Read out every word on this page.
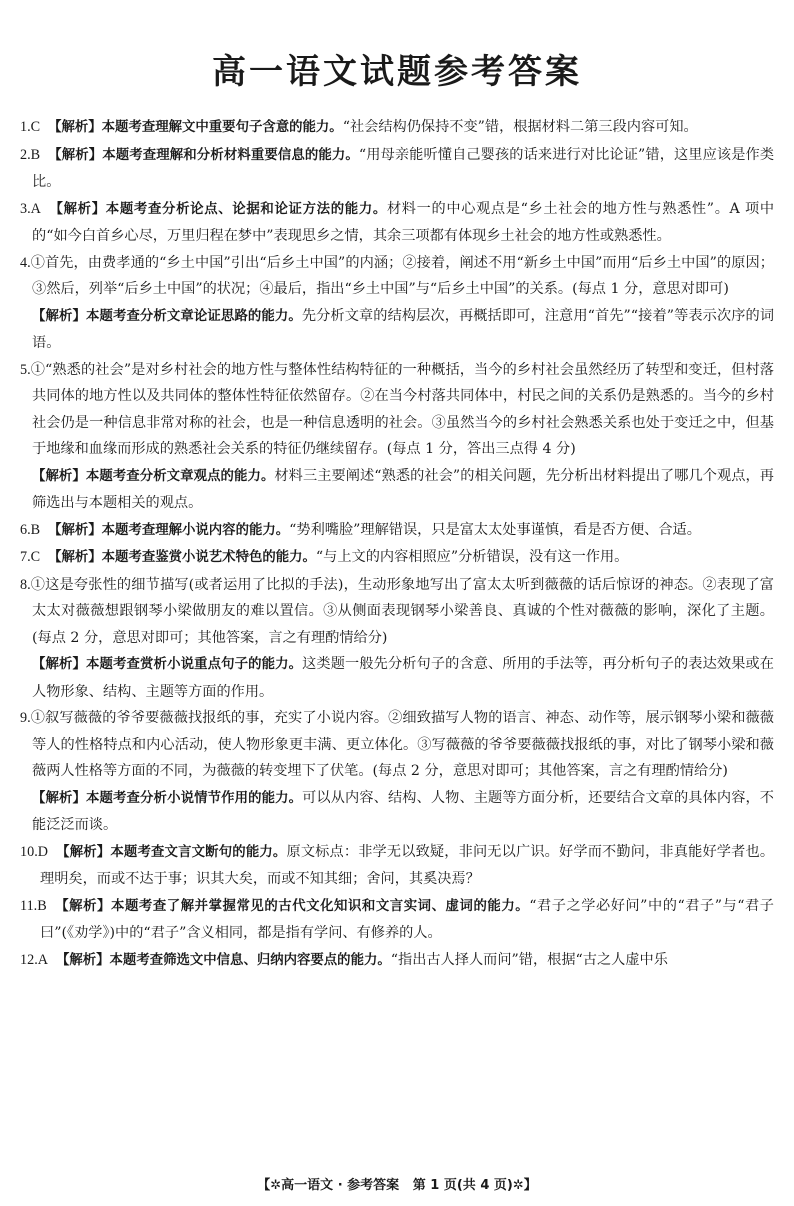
高一语文试题参考答案

1.C 【解析】本题考查理解文中重要句子含意的能力。“社会结构仍保持不变”错，根据材料二第三段内容可知。

2.B 【解析】本题考查理解和分析材料重要信息的能力。“用母亲能听懂自己婴孩的话来进行对比论证”错，这里应该是作类比。

3.A 【解析】本题考查分析论点、论据和论证方法的能力。材料一的中心观点是“乡土社会的地方性与熟悉性”。A 项中的“如今白首乡心尽，万里归程在梦中”表现思乡之情，其余三项都有体现乡土社会的地方性或熟悉性。

4.①首先，由费孝通的“乡土中国”引出“后乡土中国”的内涵；②接着，阐述不用“新乡土中国”而用“后乡土中国”的原因；③然后，列举“后乡土中国”的状况；④最后，指出“乡土中国”与“后乡土中国”的关系。(每点 1 分，意思对即可)

【解析】本题考查分析文章论证思路的能力。先分析文章的结构层次，再概括即可，注意用“首先”“接着”等表示次序的词语。

5.①“熟悉的社会”是对乡村社会的地方性与整体性结构特征的一种概括，当今的乡村社会虽然经历了转型和变迁，但村落共同体的地方性以及共同体的整体性特征依然留存。②在当今村落共同体中，村民之间的关系仍是熟悉的。当今的乡村社会仍是一种信息非常对称的社会，也是一种信息透明的社会。③虽然当今的乡村社会熟悉关系也处于变迁之中，但基于地缘和血缘而形成的熟悉社会关系的特征仍继续留存。(每点 1 分，答出三点得 4 分)

【解析】本题考查分析文章观点的能力。材料三主要阐述“熟悉的社会”的相关问题，先分析出材料提出了哪几个观点，再筛选出与本题相关的观点。

6.B 【解析】本题考查理解小说内容的能力。“势利嘴脸”理解错误，只是富太太处事谨慎，看是否方便、合适。

7.C 【解析】本题考查鉴赏小说艺术特色的能力。“与上文的内容相照应”分析错误，没有这一作用。

8.①这是夸张性的细节描写(或者运用了比拟的手法)，生动形象地写出了富太太听到薇薇的话后惊讶的神态。②表现了富太太对薇薇想跟钢琴小梁做朋友的难以置信。③从侧面表现钢琴小梁善良、真诚的个性对薇薇的影响，深化了主题。(每点 2 分，意思对即可；其他答案，言之有理酌情给分)

【解析】本题考查赏析小说重点句子的能力。这类题一般先分析句子的含意、所用的手法等，再分析句子的表达效果或在人物形象、结构、主题等方面的作用。

9.①叙写薇薇的爷爷要薇薇找报纸的事，充实了小说内容。②细致描写人物的语言、神态、动作等，展示钢琴小梁和薇薇等人的性格特点和内心活动，使人物形象更丰满、更立体化。③写薇薇的爷爷要薇薇找报纸的事，对比了钢琴小梁和薇薇两人性格等方面的不同，为薇薇的转变埋下了伏笔。(每点 2 分，意思对即可；其他答案，言之有理酌情给分)

【解析】本题考查分析小说情节作用的能力。可以从内容、结构、人物、主题等方面分析，还要结合文章的具体内容，不能泛泛而谈。

10.D 【解析】本题考查文言文断句的能力。原文标点：非学无以致疑，非问无以广识。好学而不勤问，非真能好学者也。理明矣，而或不达于事；识其大矣，而或不知其细；舍问，其奚决焉？

11.B 【解析】本题考查了解并掌握常见的古代文化知识和文言实词、虚词的能力。“君子之学必好问”中的“君子”与“君子曰”(《劝学》)中的“君子”含义相同，都是指有学问、有修养的人。

12.A 【解析】本题考查筛选文中信息、归纳内容要点的能力。“指出古人择人而问”错，根据“古之人虚中乐

【✲高一语文 · 参考答案 第 1 页(共 4 页)✲】
